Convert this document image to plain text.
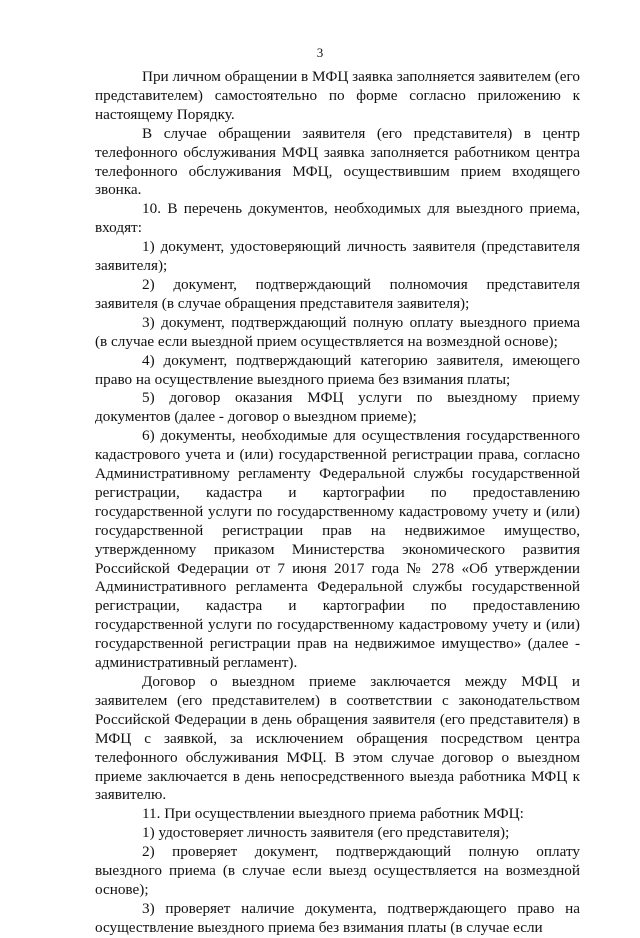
3

При личном обращении в МФЦ заявка заполняется заявителем (его представителем) самостоятельно по форме согласно приложению к настоящему Порядку.

В случае обращении заявителя (его представителя) в центр телефонного обслуживания МФЦ заявка заполняется работником центра телефонного обслуживания МФЦ, осуществившим прием входящего звонка.

10. В перечень документов, необходимых для выездного приема, входят:

1) документ, удостоверяющий личность заявителя (представителя заявителя);

2) документ, подтверждающий полномочия представителя заявителя (в случае обращения представителя заявителя);

3) документ, подтверждающий полную оплату выездного приема (в случае если выездной прием осуществляется на возмездной основе);

4) документ, подтверждающий категорию заявителя, имеющего право на осуществление выездного приема без взимания платы;

5) договор оказания МФЦ услуги по выездному приему документов (далее - договор о выездном приеме);

6) документы, необходимые для осуществления государственного кадастрового учета и (или) государственной регистрации права, согласно Административному регламенту Федеральной службы государственной регистрации, кадастра и картографии по предоставлению государственной услуги по государственному кадастровому учету и (или) государственной регистрации прав на недвижимое имущество, утвержденному приказом Министерства экономического развития Российской Федерации от 7 июня 2017 года № 278 «Об утверждении Административного регламента Федеральной службы государственной регистрации, кадастра и картографии по предоставлению государственной услуги по государственному кадастровому учету и (или) государственной регистрации прав на недвижимое имущество» (далее - административный регламент).

Договор о выездном приеме заключается между МФЦ и заявителем (его представителем) в соответствии с законодательством Российской Федерации в день обращения заявителя (его представителя) в МФЦ с заявкой, за исключением обращения посредством центра телефонного обслуживания МФЦ. В этом случае договор о выездном приеме заключается в день непосредственного выезда работника МФЦ к заявителю.

11. При осуществлении выездного приема работник МФЦ:

1) удостоверяет личность заявителя (его представителя);

2) проверяет документ, подтверждающий полную оплату выездного приема (в случае если выезд осуществляется на возмездной основе);

3) проверяет наличие документа, подтверждающего право на осуществление выездного приема без взимания платы (в случае если
